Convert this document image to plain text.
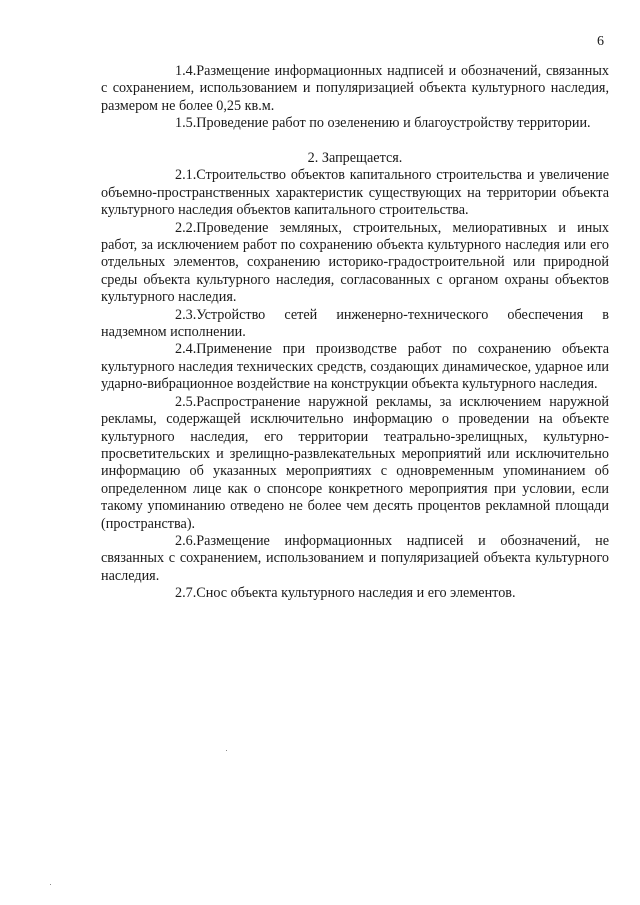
6

1.4.Размещение информационных надписей и обозначений, связанных с сохранением, использованием и популяризацией объекта культурного наследия, размером не более 0,25 кв.м.

1.5.Проведение работ по озеленению и благоустройству территории.

2. Запрещается.

2.1.Строительство объектов капитального строительства и увеличение объемно-пространственных характеристик существующих на территории объекта культурного наследия объектов капитального строительства.

2.2.Проведение земляных, строительных, мелиоративных и иных работ, за исключением работ по сохранению объекта культурного наследия или его отдельных элементов, сохранению историко-градостроительной или природной среды объекта культурного наследия, согласованных с органом охраны объектов культурного наследия.

2.3.Устройство сетей инженерно-технического обеспечения в надземном исполнении.

2.4.Применение при производстве работ по сохранению объекта культурного наследия технических средств, создающих динамическое, ударное или ударно-вибрационное воздействие на конструкции объекта культурного наследия.

2.5.Распространение наружной рекламы, за исключением наружной рекламы, содержащей исключительно информацию о проведении на объекте культурного наследия, его территории театрально-зрелищных, культурно-просветительских и зрелищно-развлекательных мероприятий или исключительно информацию об указанных мероприятиях с одновременным упоминанием об определенном лице как о спонсоре конкретного мероприятия при условии, если такому упоминанию отведено не более чем десять процентов рекламной площади (пространства).

2.6.Размещение информационных надписей и обозначений, не связанных с сохранением, использованием и популяризацией объекта культурного наследия.

2.7.Снос объекта культурного наследия и его элементов.
